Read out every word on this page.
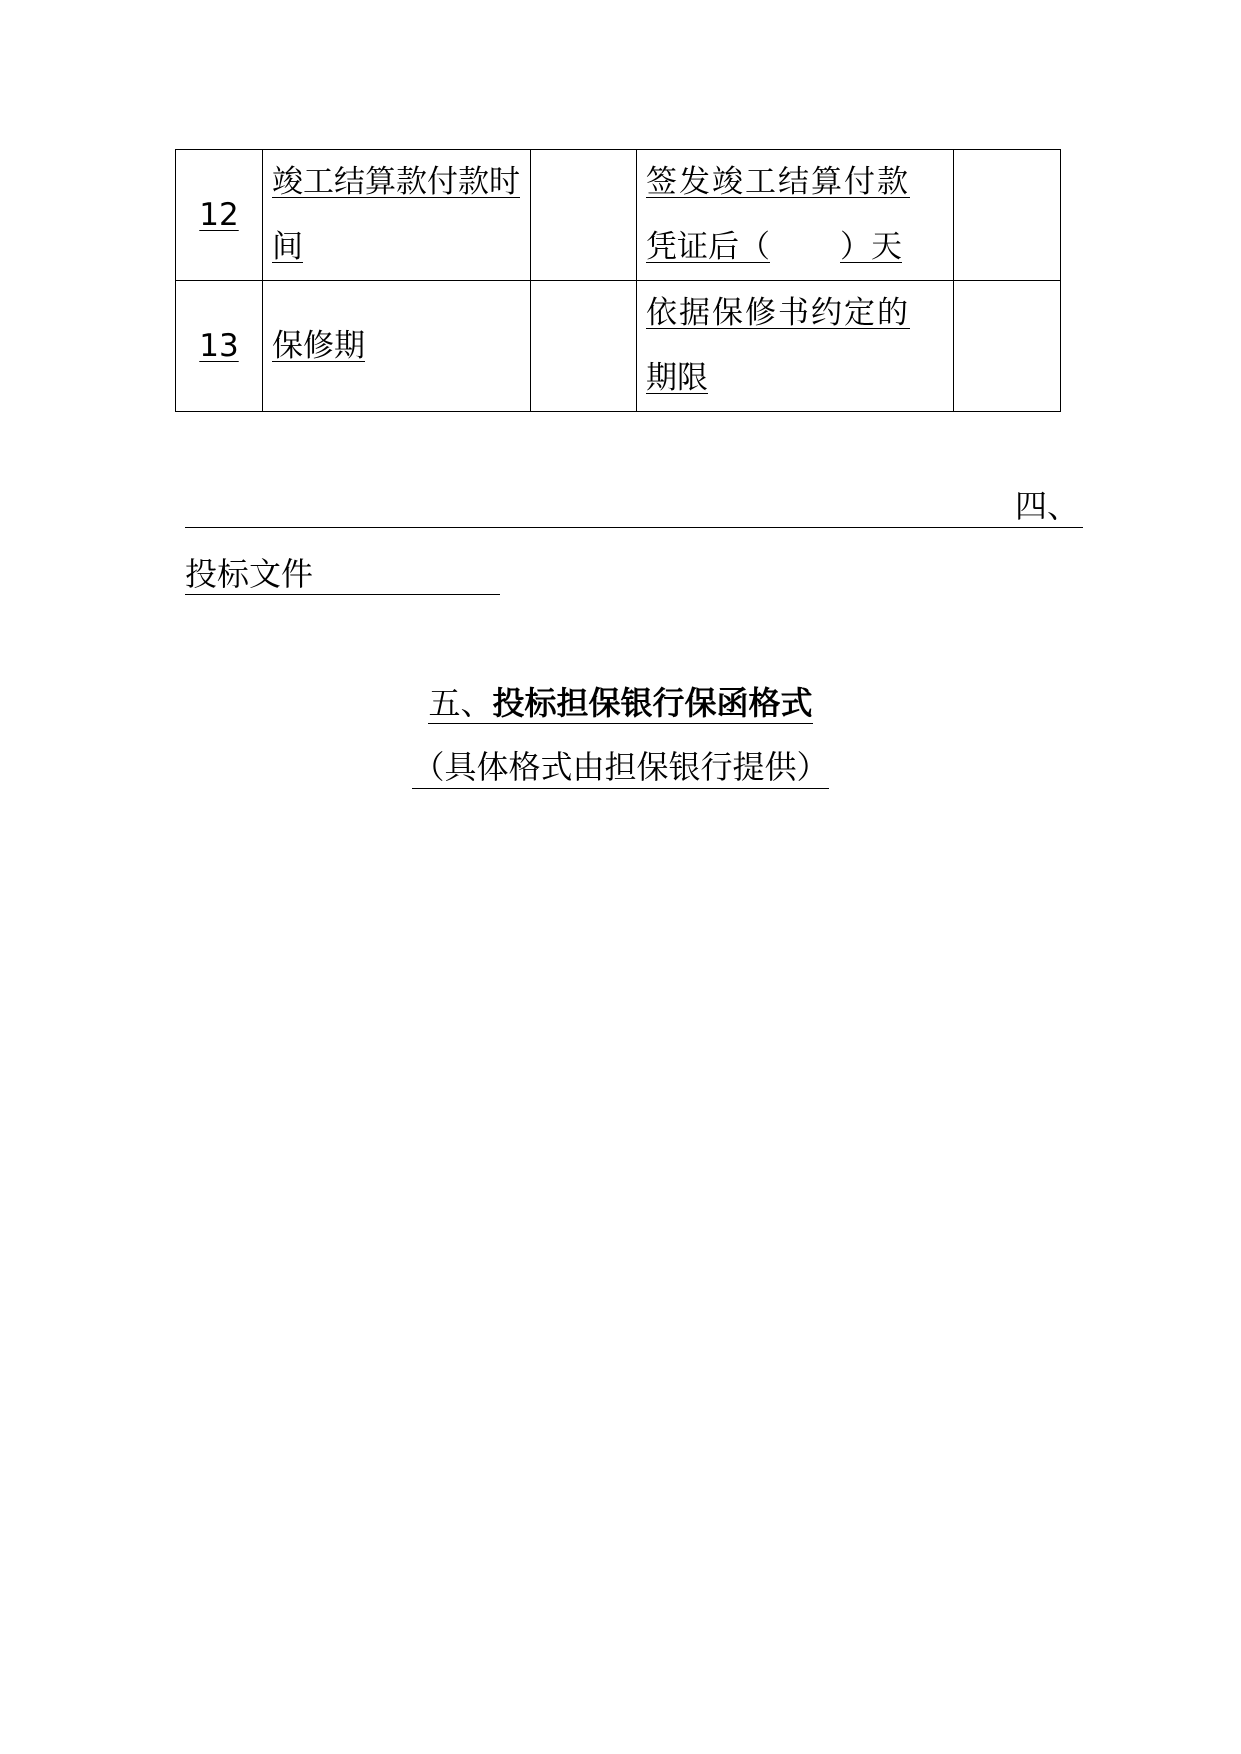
12	竣工结算款付款时间		签发竣工结算付款
凭证后（ ）天	

13	保修期		依据保修书约定的
期限	

四、
投标文件
五、投标担保银行保函格式
（具体格式由担保银行提供）
